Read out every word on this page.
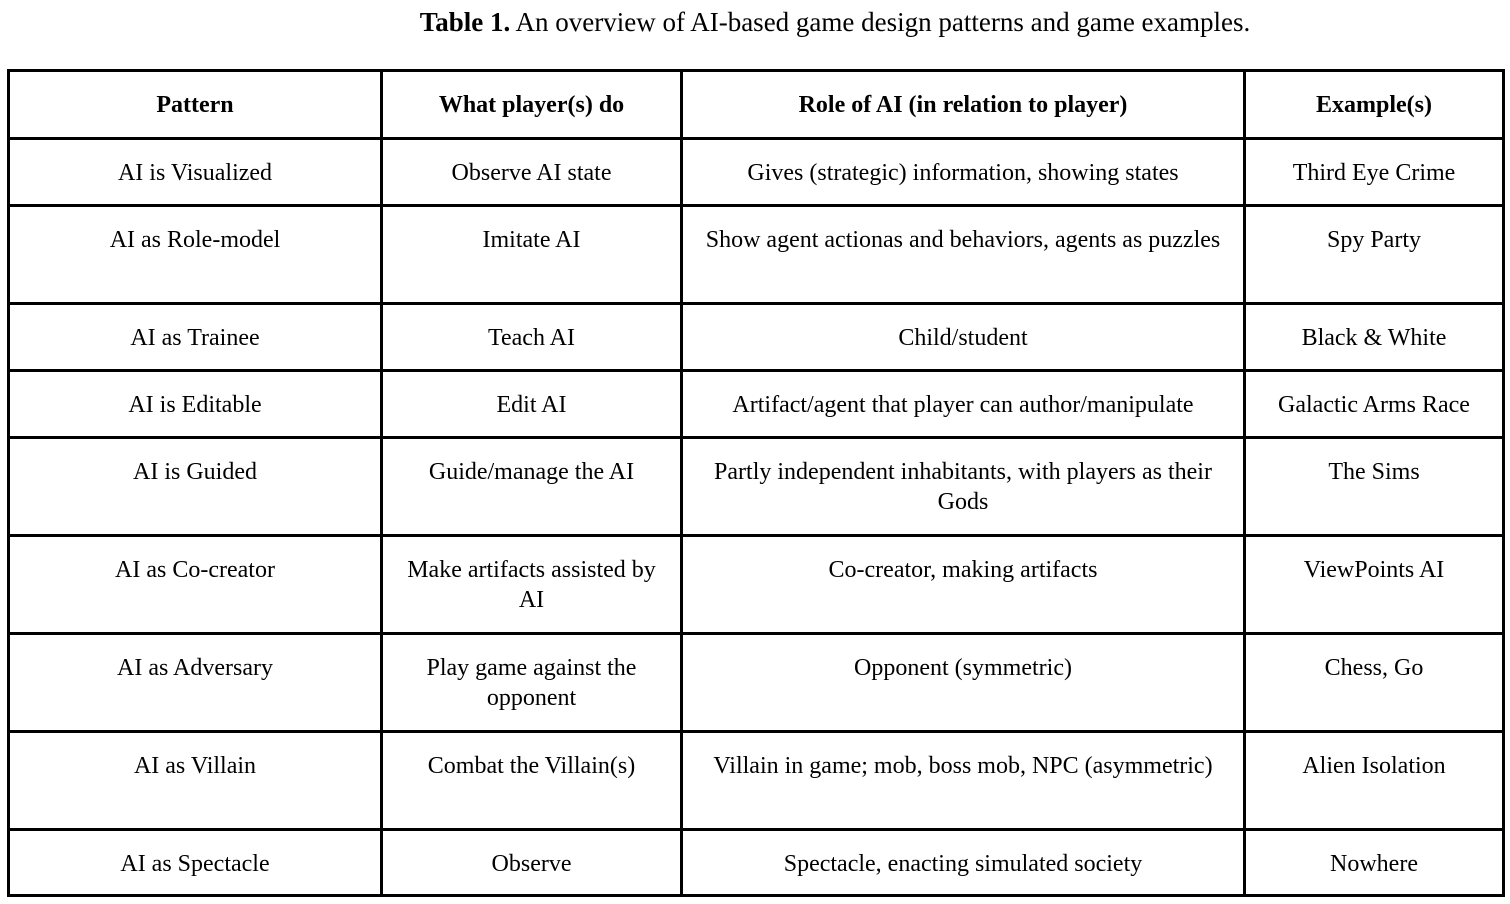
Table 1. An overview of AI-based game design patterns and game examples.
Pattern	What player(s) do	Role of AI (in relation to player)	Example(s)
AI is Visualized	Observe AI state	Gives (strategic) information, showing states	Third Eye Crime
AI as Role-model	Imitate AI	Show agent actionas and behaviors, agents as puzzles	Spy Party
AI as Trainee	Teach AI	Child/student	Black & White
AI is Editable	Edit AI	Artifact/agent that player can author/manipulate	Galactic Arms Race
AI is Guided	Guide/manage the AI	Partly independent inhabitants, with players as their Gods	The Sims
AI as Co-creator	Make artifacts assisted by AI	Co-creator, making artifacts	ViewPoints AI
AI as Adversary	Play game against the opponent	Opponent (symmetric)	Chess, Go
AI as Villain	Combat the Villain(s)	Villain in game; mob, boss mob, NPC (asymmetric)	Alien Isolation
AI as Spectacle	Observe	Spectacle, enacting simulated society	Nowhere
